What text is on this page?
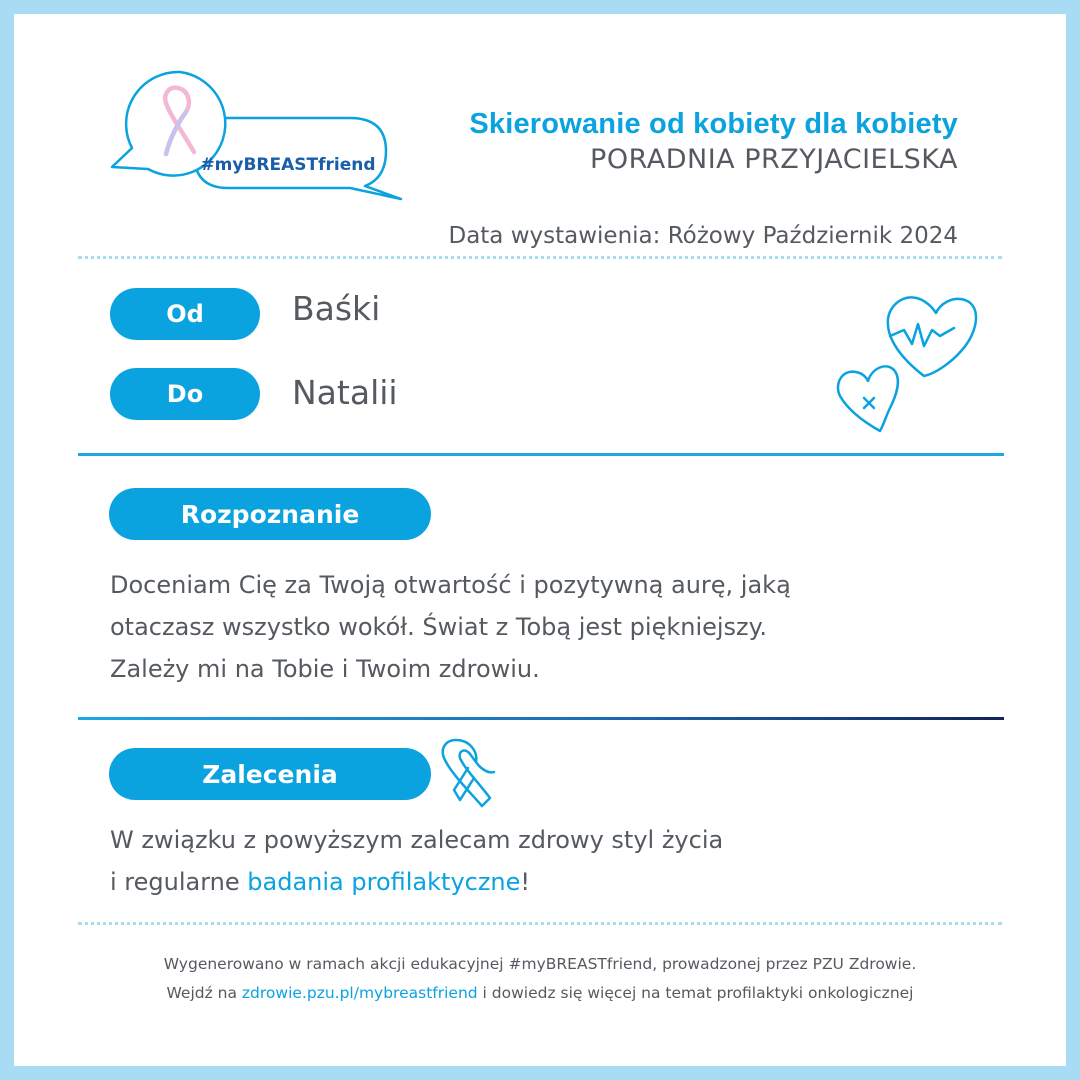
#myBREASTfriend
Skierowanie od kobiety dla kobiety
PORADNIA PRZYJACIELSKA
Data wystawienia: Różowy Październik 2024
Od	Baśki
Do	Natalii
Rozpoznanie
Doceniam Cię za Twoją otwartość i pozytywną aurę, jaką
otaczasz wszystko wokół. Świat z Tobą jest piękniejszy.
Zależy mi na Tobie i Twoim zdrowiu.
Zalecenia
W związku z powyższym zalecam zdrowy styl życia
i regularne badania profilaktyczne!
Wygenerowano w ramach akcji edukacyjnej #myBREASTfriend, prowadzonej przez PZU Zdrowie.
Wejdź na zdrowie.pzu.pl/mybreastfriend i dowiedz się więcej na temat profilaktyki onkologicznej
